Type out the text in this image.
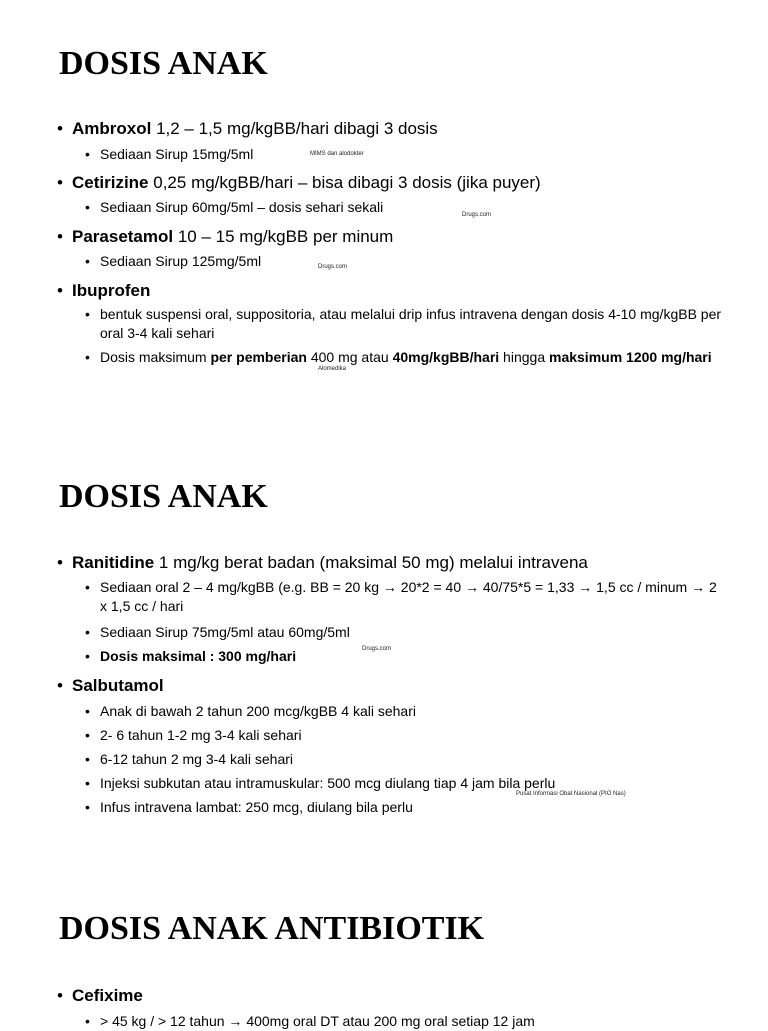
DOSIS ANAK
• Ambroxol 1,2 – 1,5 mg/kgBB/hari dibagi 3 dosis
• Sediaan Sirup 15mg/5ml	MIMS dan alodokter
• Cetirizine 0,25 mg/kgBB/hari – bisa dibagi 3 dosis (jika puyer)
• Sediaan Sirup 60mg/5ml – dosis sehari sekali	Drugs.com
• Parasetamol 10 – 15 mg/kgBB per minum
• Sediaan Sirup 125mg/5ml	Drugs.com
• Ibuprofen
• bentuk suspensi oral, suppositoria, atau melalui drip infus intravena dengan dosis 4-10 mg/kgBB per oral 3-4 kali sehari
• Dosis maksimum per pemberian 400 mg atau 40mg/kgBB/hari hingga maksimum 1200 mg/hari
Alomedika
DOSIS ANAK
• Ranitidine 1 mg/kg berat badan (maksimal 50 mg) melalui intravena
• Sediaan oral 2 – 4 mg/kgBB (e.g. BB = 20 kg → 20*2 = 40 → 40/75*5 = 1,33 → 1,5 cc / minum → 2 x 1,5 cc / hari
• Sediaan Sirup 75mg/5ml atau 60mg/5ml
• Dosis maksimal : 300 mg/hari	Drugs.com
• Salbutamol
• Anak di bawah 2 tahun 200 mcg/kgBB 4 kali sehari
• 2- 6 tahun 1-2 mg 3-4 kali sehari
• 6-12 tahun 2 mg 3-4 kali sehari
• Injeksi subkutan atau intramuskular: 500 mcg diulang tiap 4 jam bila perlu
Pusat Informasi Obat Nasional (PIO Nas)
• Infus intravena lambat: 250 mcg, diulang bila perlu
DOSIS ANAK ANTIBIOTIK
• Cefixime
• > 45 kg / > 12 tahun → 400mg oral DT atau 200 mg oral setiap 12 jam
